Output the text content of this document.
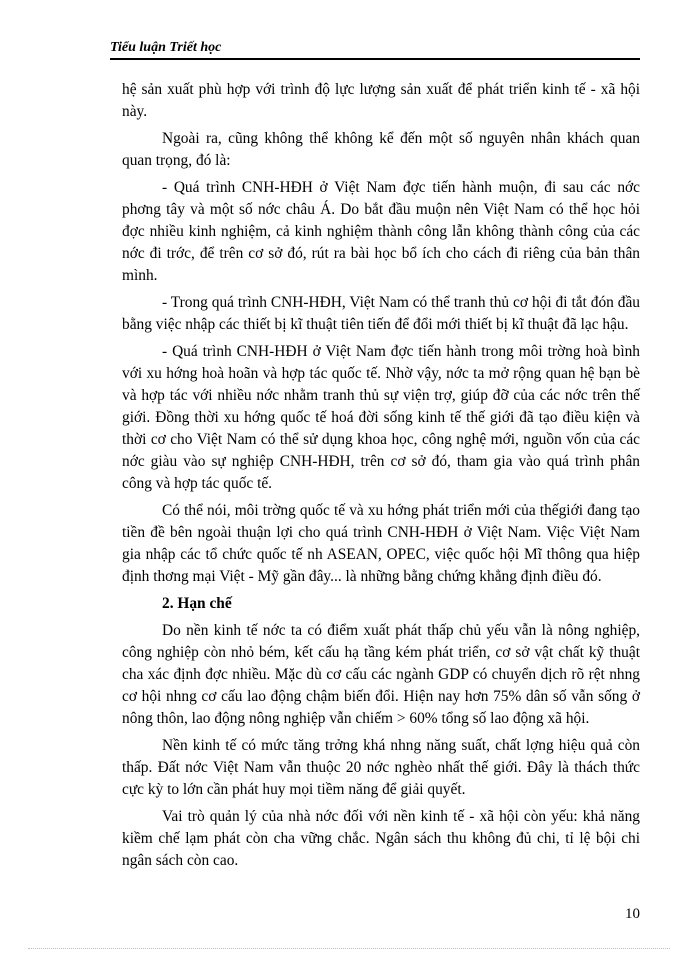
Tiểu luận Triết học

hệ sản xuất phù hợp với trình độ lực lượng sản xuất để phát triển kinh tế - xã hội này.

Ngoài ra, cũng không thể không kể đến một số nguyên nhân khách quan quan trọng, đó là:

- Quá trình CNH-HĐH ở Việt Nam đợc tiến hành muộn, đi sau các nớc phơng tây và một số nớc châu Á. Do bắt đầu muộn nên Việt Nam có thể học hỏi đợc nhiều kinh nghiệm, cả kinh nghiệm thành công lẫn không thành công của các nớc đi trớc, để trên cơ sở đó, rút ra bài học bổ ích cho cách đi riêng của bản thân mình.

- Trong quá trình CNH-HĐH, Việt Nam có thể tranh thủ cơ hội đi tắt đón đầu bằng việc nhập các thiết bị kĩ thuật tiên tiến để đổi mới thiết bị kĩ thuật đã lạc hậu.

- Quá trình CNH-HĐH ở Việt Nam đợc tiến hành trong môi trờng hoà bình với xu hớng hoà hoãn và hợp tác quốc tế. Nhờ vậy, nớc ta mở rộng quan hệ bạn bè và hợp tác với nhiều nớc nhằm tranh thủ sự viện trợ, giúp đỡ của các nớc trên thế giới. Đồng thời xu hớng quốc tế hoá đời sống kinh tế thế giới đã tạo điều kiện và thời cơ cho Việt Nam có thể sử dụng khoa học, công nghệ mới, nguồn vốn của các nớc giàu vào sự nghiệp CNH-HĐH, trên cơ sở đó, tham gia vào quá trình phân công và hợp tác quốc tế.

Có thể nói, môi trờng quốc tế và xu hớng phát triển mới của thếgiới đang tạo tiền đề bên ngoài thuận lợi cho quá trình CNH-HĐH ở Việt Nam. Việc Việt Nam gia nhập các tổ chức quốc tế nh ASEAN, OPEC, việc quốc hội Mĩ thông qua hiệp định thơng mại Việt - Mỹ gần đây... là những bằng chứng khẳng định điều đó.

2. Hạn chế

Do nền kinh tế nớc ta có điểm xuất phát thấp chủ yếu vẫn là nông nghiệp, công nghiệp còn nhỏ bém, kết cấu hạ tầng kém phát triển, cơ sở vật chất kỹ thuật cha xác định đợc nhiều. Mặc dù cơ cấu các ngành GDP có chuyển dịch rõ rệt nhng cơ hội nhng cơ cấu lao động chậm biến đổi. Hiện nay hơn 75% dân số vẫn sống ở nông thôn, lao động nông nghiệp vẫn chiếm > 60% tổng số lao động xã hội.

Nền kinh tế có mức tăng trởng khá nhng năng suất, chất lợng hiệu quả còn thấp. Đất nớc Việt Nam vẫn thuộc 20 nớc nghèo nhất thế giới. Đây là thách thức cực kỳ to lớn cần phát huy mọi tiềm năng để giải quyết.

Vai trò quản lý của nhà nớc đối với nền kinh tế - xã hội còn yếu: khả năng kiềm chế lạm phát còn cha vững chắc. Ngân sách thu không đủ chi, tỉ lệ bội chi ngân sách còn cao.

10
